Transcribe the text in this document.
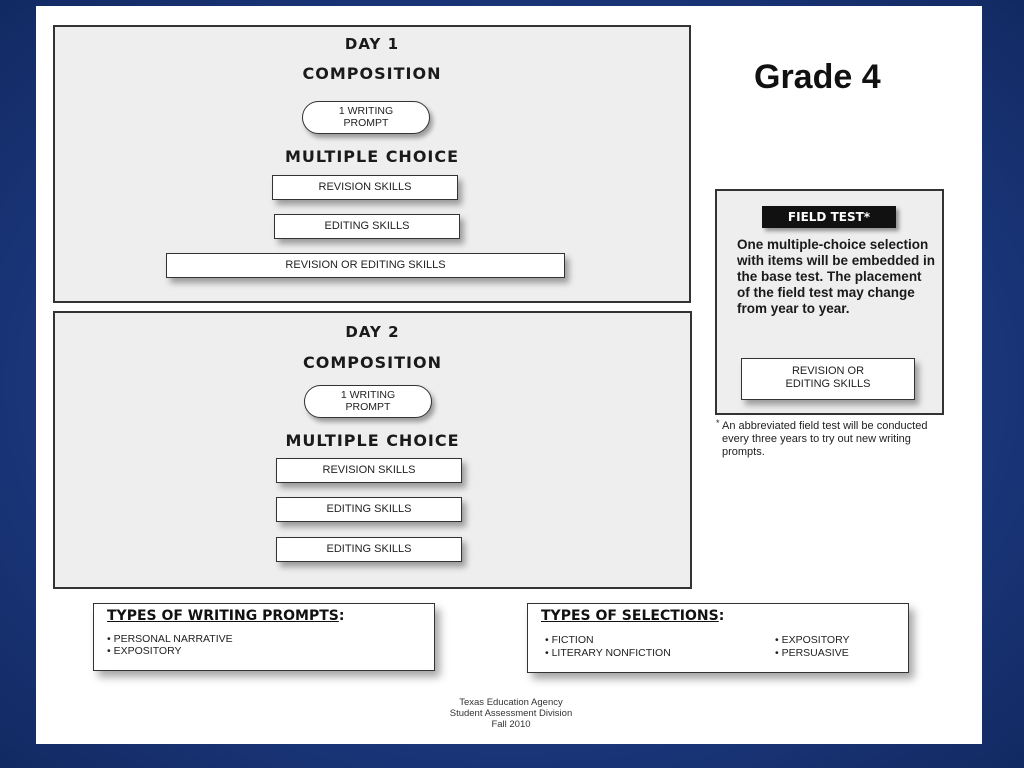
DAY 1
COMPOSITION
1 WRITING
PROMPT
MULTIPLE CHOICE
REVISION SKILLS
EDITING SKILLS
REVISION OR EDITING SKILLS
DAY 2
COMPOSITION
1 WRITING
PROMPT
MULTIPLE CHOICE
REVISION SKILLS
EDITING SKILLS
EDITING SKILLS
Grade 4
FIELD TEST*
One multiple-choice selection with items will be embedded in the base test. The placement of the field test may change from year to year.
REVISION OR
EDITING SKILLS
* An abbreviated field test will be conducted every three years to try out new writing prompts.
TYPES OF WRITING PROMPTS:
• PERSONAL NARRATIVE
• EXPOSITORY
TYPES OF SELECTIONS:
• FICTION
• LITERARY NONFICTION
• EXPOSITORY
• PERSUASIVE
Texas Education Agency
Student Assessment Division
Fall 2010
